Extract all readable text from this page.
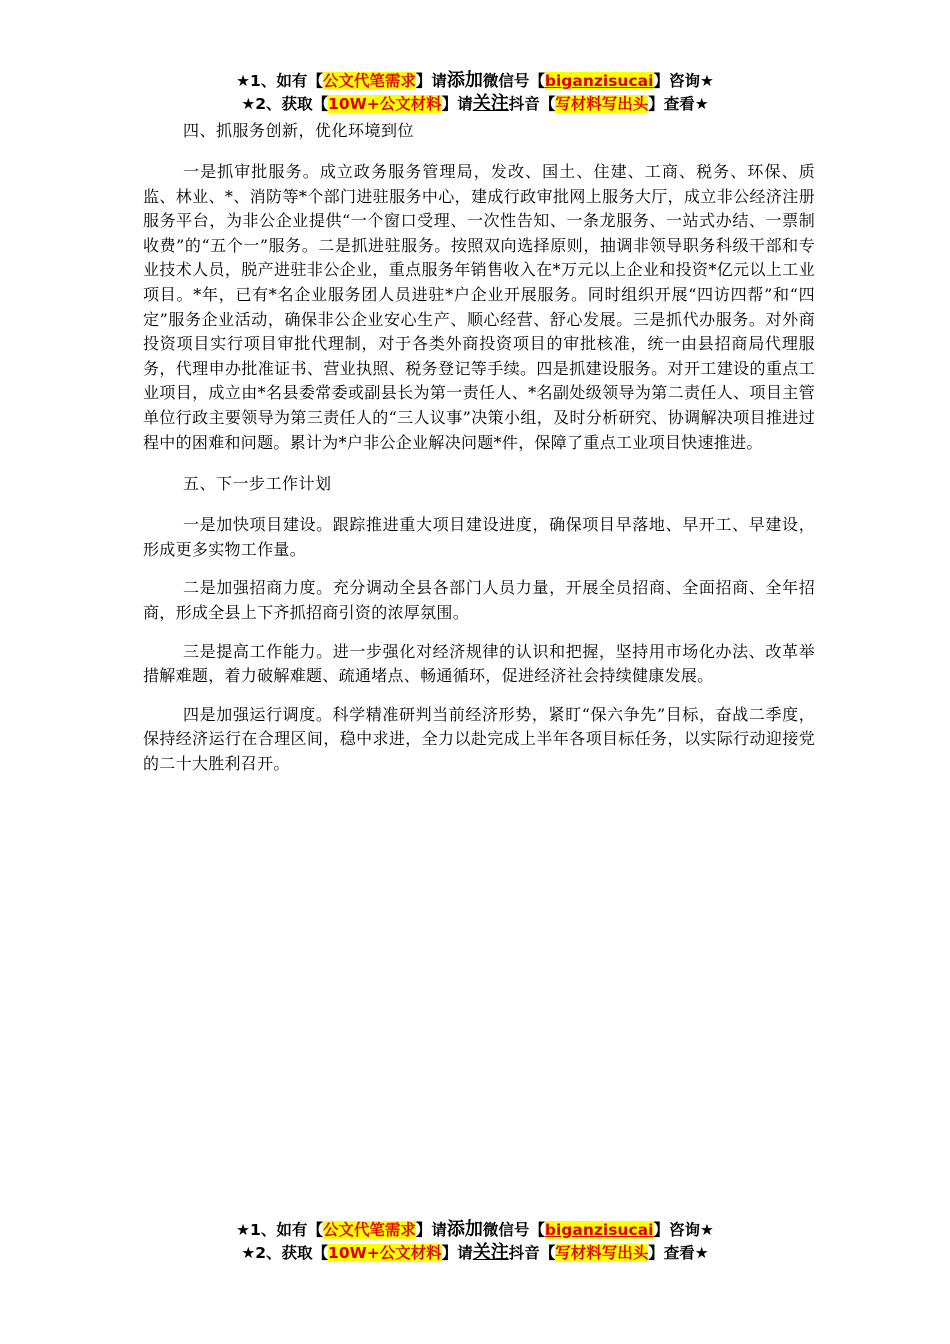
★1、如有【公文代笔需求】请添加微信号【biganzisucai】咨询★
★2、获取【10W+公文材料】请关注抖音【写材料写出头】查看★
四、抓服务创新，优化环境到位

一是抓审批服务。成立政务服务管理局，发改、国土、住建、工商、税务、环保、质监、林业、*、消防等*个部门进驻服务中心，建成行政审批网上服务大厅，成立非公经济注册服务平台，为非公企业提供“一个窗口受理、一次性告知、一条龙服务、一站式办结、一票制收费”的“五个一”服务。二是抓进驻服务。按照双向选择原则，抽调非领导职务科级干部和专业技术人员，脱产进驻非公企业，重点服务年销售收入在*万元以上企业和投资*亿元以上工业项目。*年，已有*名企业服务团人员进驻*户企业开展服务。同时组织开展“四访四帮”和“四定”服务企业活动，确保非公企业安心生产、顺心经营、舒心发展。三是抓代办服务。对外商投资项目实行项目审批代理制，对于各类外商投资项目的审批核准，统一由县招商局代理服务，代理申办批准证书、营业执照、税务登记等手续。四是抓建设服务。对开工建设的重点工业项目，成立由*名县委常委或副县长为第一责任人、*名副处级领导为第二责任人、项目主管单位行政主要领导为第三责任人的“三人议事”决策小组，及时分析研究、协调解决项目推进过程中的困难和问题。累计为*户非公企业解决问题*件，保障了重点工业项目快速推进。

五、下一步工作计划

一是加快项目建设。跟踪推进重大项目建设进度，确保项目早落地、早开工、早建设，形成更多实物工作量。

二是加强招商力度。充分调动全县各部门人员力量，开展全员招商、全面招商、全年招商，形成全县上下齐抓招商引资的浓厚氛围。

三是提高工作能力。进一步强化对经济规律的认识和把握，坚持用市场化办法、改革举措解难题，着力破解难题、疏通堵点、畅通循环，促进经济社会持续健康发展。

四是加强运行调度。科学精准研判当前经济形势，紧盯“保六争先”目标，奋战二季度，保持经济运行在合理区间，稳中求进，全力以赴完成上半年各项目标任务，以实际行动迎接党的二十大胜利召开。

★1、如有【公文代笔需求】请添加微信号【biganzisucai】咨询★
★2、获取【10W+公文材料】请关注抖音【写材料写出头】查看★
